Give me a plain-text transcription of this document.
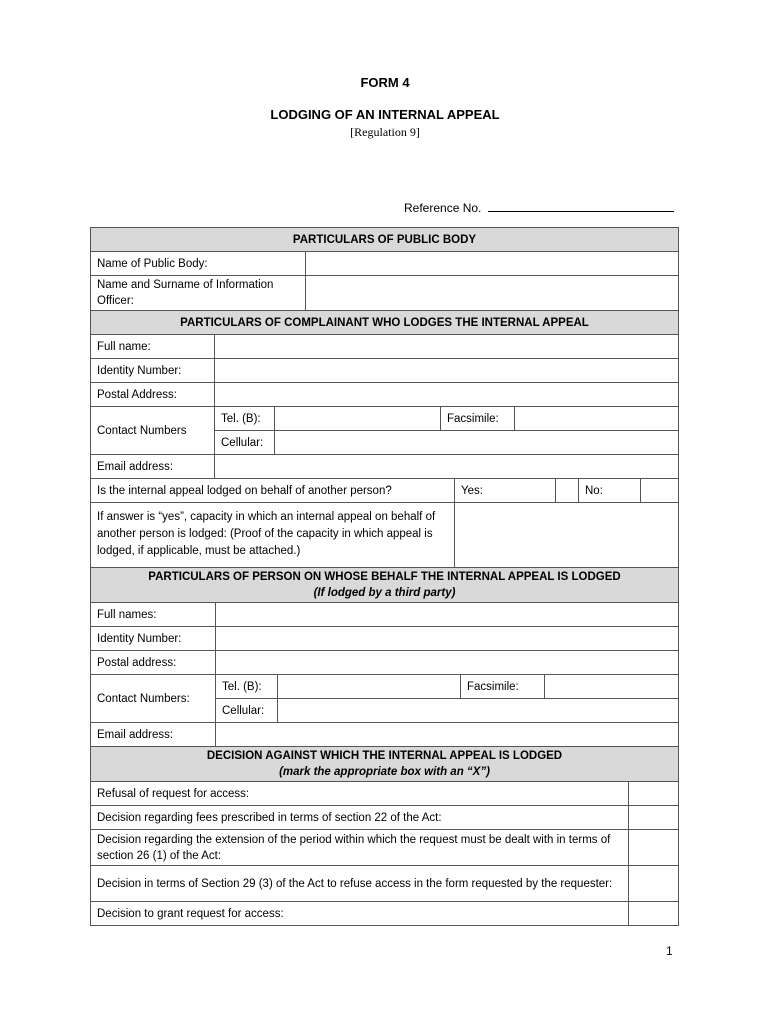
FORM 4
LODGING OF AN INTERNAL APPEAL
[Regulation 9]
Reference No.
PARTICULARS OF PUBLIC BODY
Name of Public Body:
Name and Surname of Information Officer:
PARTICULARS OF COMPLAINANT WHO LODGES THE INTERNAL APPEAL
Full name:
Identity Number:
Postal Address:
Contact Numbers
Tel. (B):	Facsimile:
Cellular:
Email address:
Is the internal appeal lodged on behalf of another person?	Yes:	No:
If answer is “yes”, capacity in which an internal appeal on behalf of another person is lodged: (Proof of the capacity in which appeal is lodged, if applicable, must be attached.)
PARTICULARS OF PERSON ON WHOSE BEHALF THE INTERNAL APPEAL IS LODGED
(If lodged by a third party)
Full names:
Identity Number:
Postal address:
Contact Numbers:
Tel. (B):	Facsimile:
Cellular:
Email address:
DECISION AGAINST WHICH THE INTERNAL APPEAL IS LODGED
(mark the appropriate box with an “X”)
Refusal of request for access:
Decision regarding fees prescribed in terms of section 22 of the Act:
Decision regarding the extension of the period within which the request must be dealt with in terms of section 26 (1) of the Act:
Decision in terms of Section 29 (3) of the Act to refuse access in the form requested by the requester:
Decision to grant request for access:
1
